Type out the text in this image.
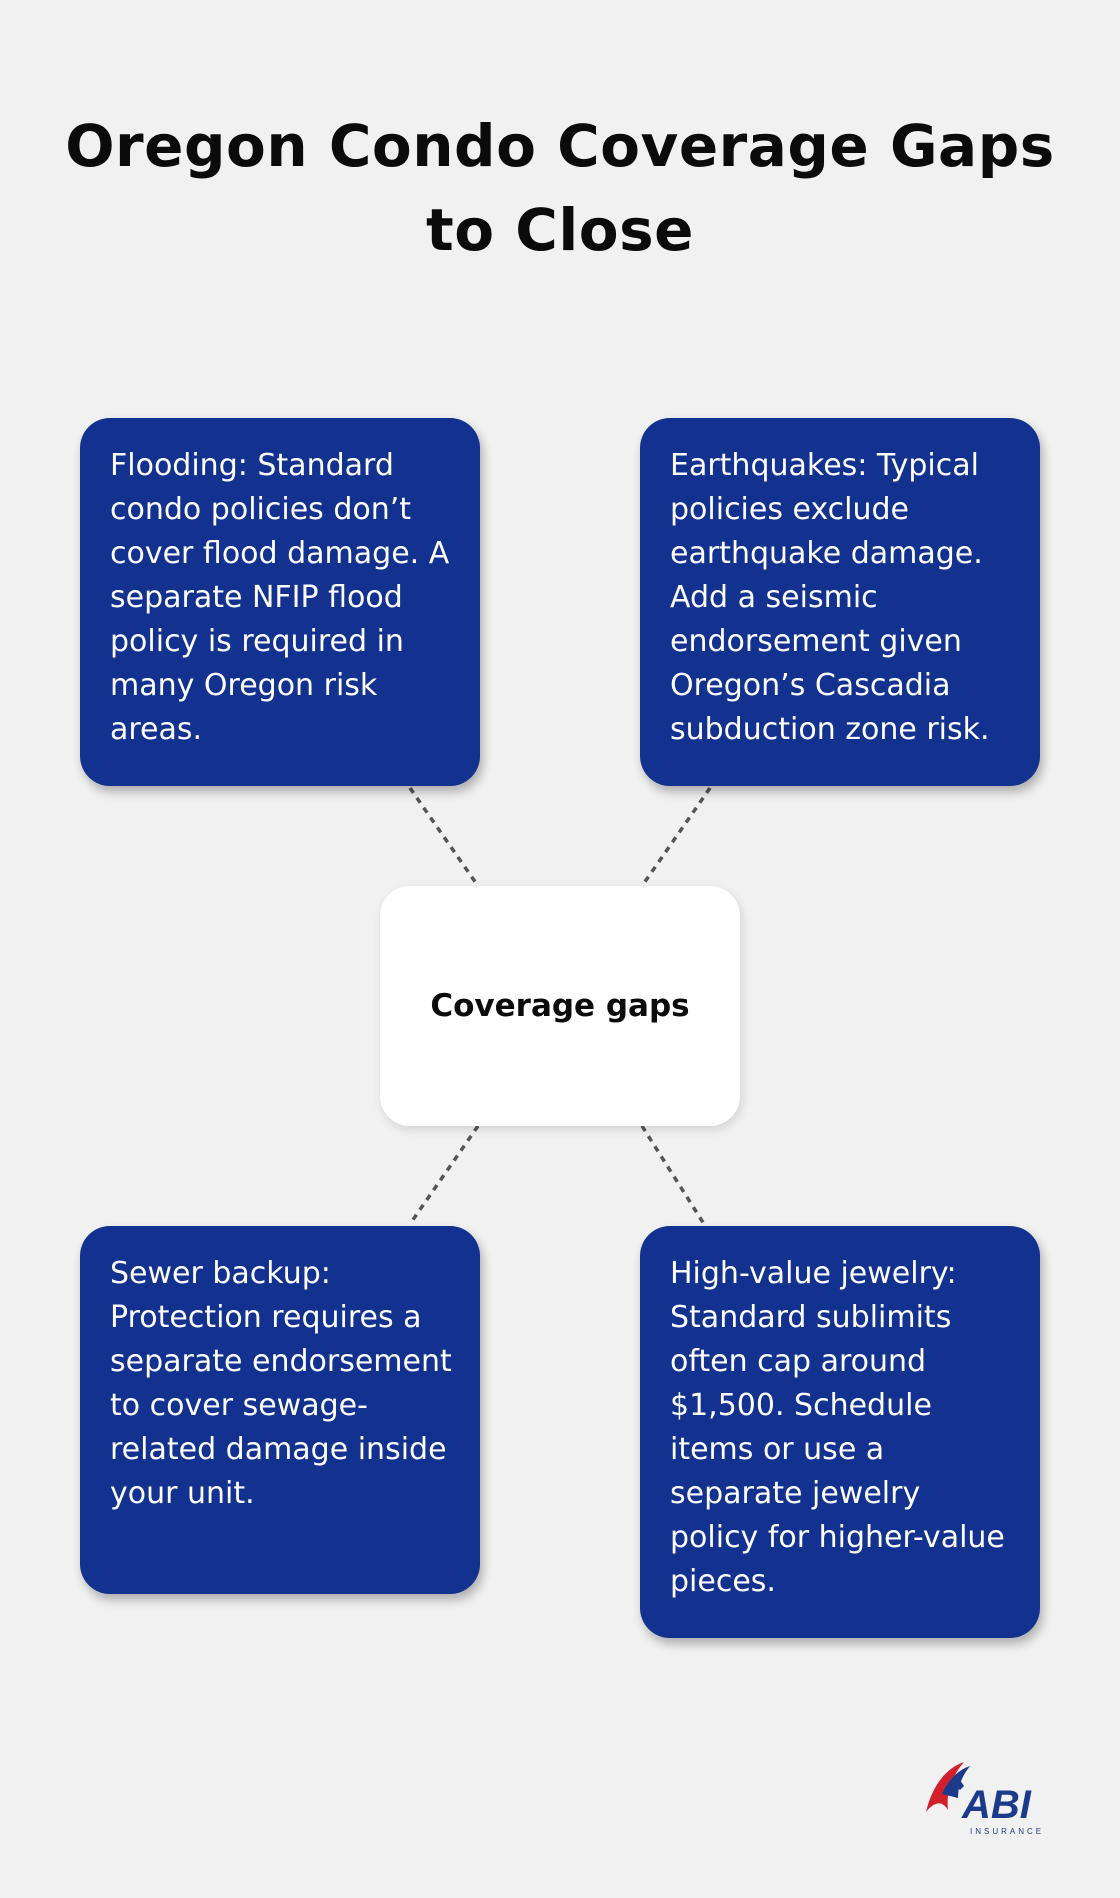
Oregon Condo Coverage Gaps to Close
Flooding: Standard condo policies don’t cover flood damage. A separate NFIP flood policy is required in many Oregon risk areas.
Earthquakes: Typical policies exclude earthquake damage. Add a seismic endorsement given Oregon’s Cascadia subduction zone risk.
Coverage gaps
Sewer backup: Protection requires a separate endorsement to cover sewage-related damage inside your unit.
High-value jewelry: Standard sublimits often cap around $1,500. Schedule items or use a separate jewelry policy for higher-value pieces.
ABI
INSURANCE
